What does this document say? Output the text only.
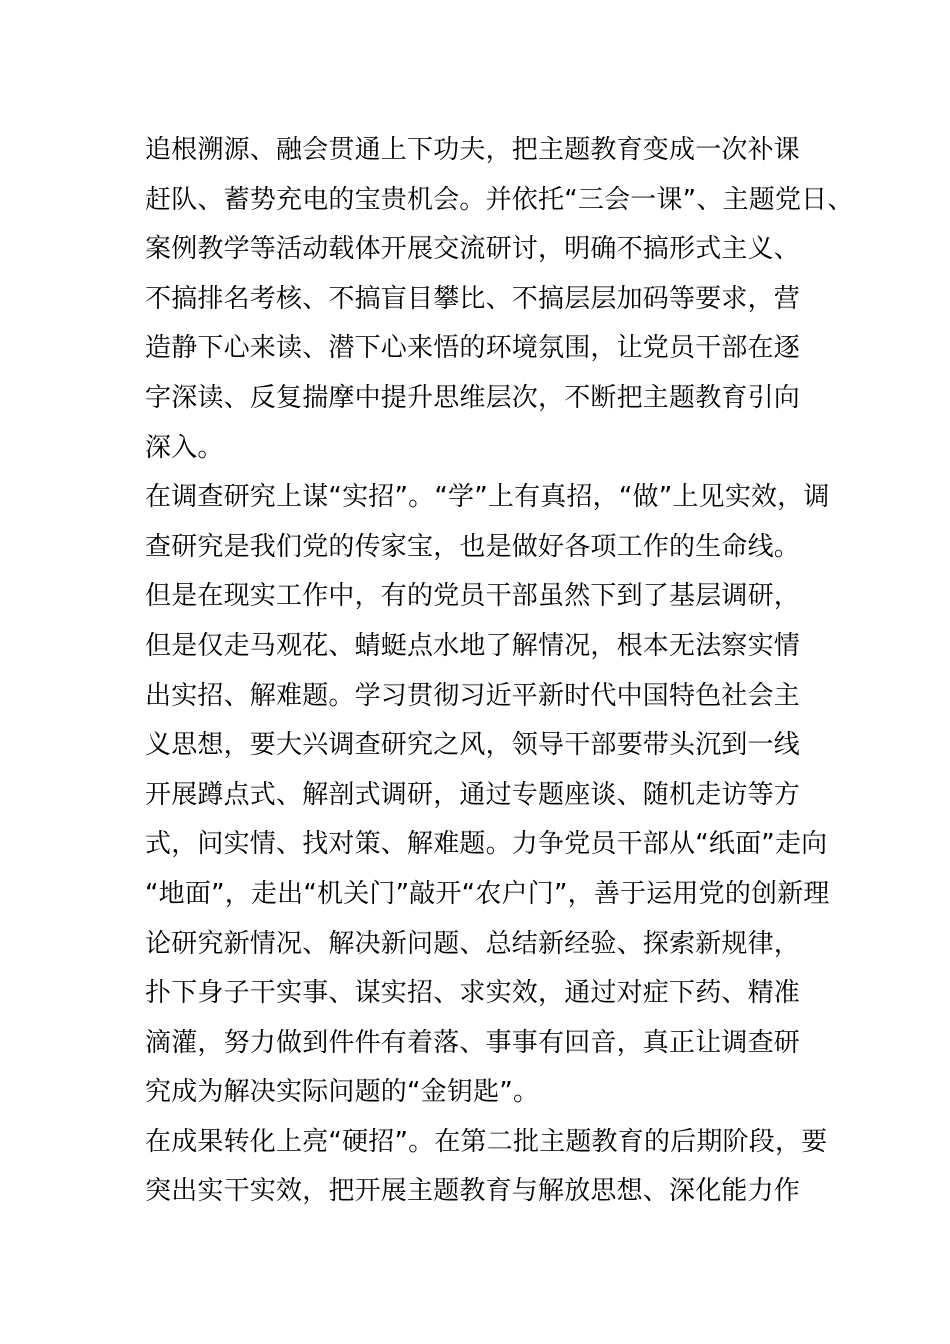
追根溯源、融会贯通上下功夫，把主题教育变成一次补课
赶队、蓄势充电的宝贵机会。并依托“三会一课”、主题党日、
案例教学等活动载体开展交流研讨，明确不搞形式主义、
不搞排名考核、不搞盲目攀比、不搞层层加码等要求，营
造静下心来读、潜下心来悟的环境氛围，让党员干部在逐
字深读、反复揣摩中提升思维层次，不断把主题教育引向
深入。
在调查研究上谋“实招”。“学”上有真招，“做”上见实效，调
查研究是我们党的传家宝，也是做好各项工作的生命线。
但是在现实工作中，有的党员干部虽然下到了基层调研，
但是仅走马观花、蜻蜓点水地了解情况，根本无法察实情
出实招、解难题。学习贯彻习近平新时代中国特色社会主
义思想，要大兴调查研究之风，领导干部要带头沉到一线
开展蹲点式、解剖式调研，通过专题座谈、随机走访等方
式，问实情、找对策、解难题。力争党员干部从“纸面”走向
“地面”，走出“机关门”敲开“农户门”，善于运用党的创新理
论研究新情况、解决新问题、总结新经验、探索新规律，
扑下身子干实事、谋实招、求实效，通过对症下药、精准
滴灌，努力做到件件有着落、事事有回音，真正让调查研
究成为解决实际问题的“金钥匙”。
在成果转化上亮“硬招”。在第二批主题教育的后期阶段，要
突出实干实效，把开展主题教育与解放思想、深化能力作
